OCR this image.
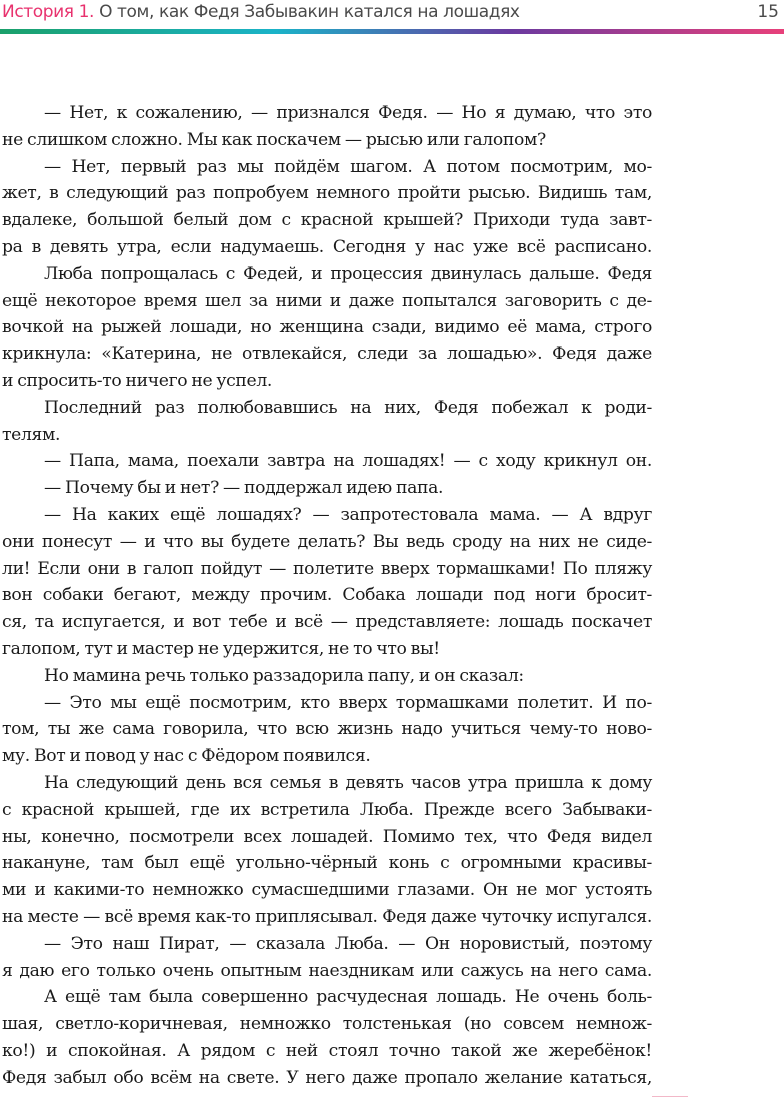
История 1. О том, как Федя Забывакин катался на лошадях	15
— Нет, к сожалению, — признался Федя. — Но я думаю, что это
не слишком сложно. Мы как поскачем — рысью или галопом?
— Нет, первый раз мы пойдём шагом. А потом посмотрим, мо-
жет, в следующий раз попробуем немного пройти рысью. Видишь там,
вдалеке, большой белый дом с красной крышей? Приходи туда завт-
ра в девять утра, если надумаешь. Сегодня у нас уже всё расписано.
Люба попрощалась с Федей, и процессия двинулась дальше. Федя
ещё некоторое время шел за ними и даже попытался заговорить с де-
вочкой на рыжей лошади, но женщина сзади, видимо её мама, строго
крикнула: «Катерина, не отвлекайся, следи за лошадью». Федя даже
и спросить-то ничего не успел.
Последний раз полюбовавшись на них, Федя побежал к роди-
телям.
— Папа, мама, поехали завтра на лошадях! — с ходу крикнул он.
— Почему бы и нет? — поддержал идею папа.
— На каких ещё лошадях? — запротестовала мама. — А вдруг
они понесут — и что вы будете делать? Вы ведь сроду на них не сиде-
ли! Если они в галоп пойдут — полетите вверх тормашками! По пляжу
вон собаки бегают, между прочим. Собака лошади под ноги бросит-
ся, та испугается, и вот тебе и всё — представляете: лошадь поскачет
галопом, тут и мастер не удержится, не то что вы!
Но мамина речь только раззадорила папу, и он сказал:
— Это мы ещё посмотрим, кто вверх тормашками полетит. И по-
том, ты же сама говорила, что всю жизнь надо учиться чему-то ново-
му. Вот и повод у нас с Фёдором появился.
На следующий день вся семья в девять часов утра пришла к дому
с красной крышей, где их встретила Люба. Прежде всего Забываки-
ны, конечно, посмотрели всех лошадей. Помимо тех, что Федя видел
накануне, там был ещё угольно-чёрный конь с огромными красивы-
ми и какими-то немножко сумасшедшими глазами. Он не мог устоять
на месте — всё время как-то приплясывал. Федя даже чуточку испугался.
— Это наш Пират, — сказала Люба. — Он норовистый, поэтому
я даю его только очень опытным наездникам или сажусь на него сама.
А ещё там была совершенно расчудесная лошадь. Не очень боль-
шая, светло-коричневая, немножко толстенькая (но совсем немнож-
ко!) и спокойная. А рядом с ней стоял точно такой же жеребёнок!
Федя забыл обо всём на свете. У него даже пропало желание кататься,
